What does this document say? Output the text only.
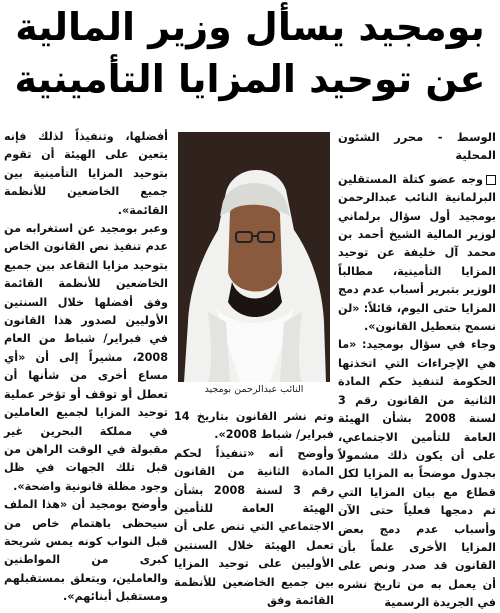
بومجيد يسأل وزير المالية
عن توحيد المزايا التأمينية

الوسط - محرر الشئون المحلية

وجه عضو كتلة المستقلين البرلمانية النائب عبدالرحمن بومجيد أول سؤال برلماني لوزير المالية الشيخ أحمد بن محمد آل خليفة عن توحيد المزايا التأمينية، مطالباً الوزير بتبرير أسباب عدم دمج المزايا حتى اليوم، قائلاً: «لن نسمح بتعطيل القانون».

وجاء في سؤال بومجيد: «ما هي الإجراءات التي اتخذتها الحكومة لتنفيذ حكم المادة الثانية من القانون رقم 3 لسنة 2008 بشأن الهيئة العامة للتأمين الاجتماعي، على أن يكون ذلك مشمولاً بجدول موضحاً به المزايا لكل قطاع مع بيان المزايا التي تم دمجها فعلياً حتى الآن وأسباب عدم دمج بعض المزايا الأخرى علماً بأن القانون قد صدر ونص على أن يعمل به من تاريخ نشره في الجريدة الرسمية

النائب عبدالرحمن بومجيد

وتم نشر القانون بتاريخ 14 فبراير/ شباط 2008».

وأوضح أنه «تنفيذاً لحكم المادة الثانية من القانون رقم 3 لسنة 2008 بشأن الهيئة العامة للتأمين الاجتماعي التي تنص على أن تعمل الهيئة خلال السنتين الأوليين على توحيد المزايا بين جميع الخاضعين للأنظمة القائمة وفق

أفضلها، وتنفيذاً لذلك فإنه يتعين على الهيئة أن تقوم بتوحيد المزايا التأمينية بين جميع الخاضعين للأنظمة القائمة».

وعبر بومجيد عن استغرابه من عدم تنفيذ نص القانون الخاص بتوحيد مزايا التقاعد بين جميع الخاضعين للأنظمة القائمة وفق أفضلها خلال السنتين الأوليين لصدور هذا القانون في فبراير/ شباط من العام 2008، مشيراً إلى أن «أي مساع أخرى من شأنها أن تعطل أو توقف أو تؤخر عملية توحيد المزايا لجميع العاملين في مملكة البحرين غير مقبولة في الوقت الراهن من قبل تلك الجهات في ظل وجود مظلة قانونية واضحة».

وأوضح بومجيد أن «هذا الملف سيحظى باهتمام خاص من قبل النواب كونه يمس شريحة كبرى من المواطنين والعاملين، ويتعلق بمستقبلهم ومستقبل أبنائهم».
